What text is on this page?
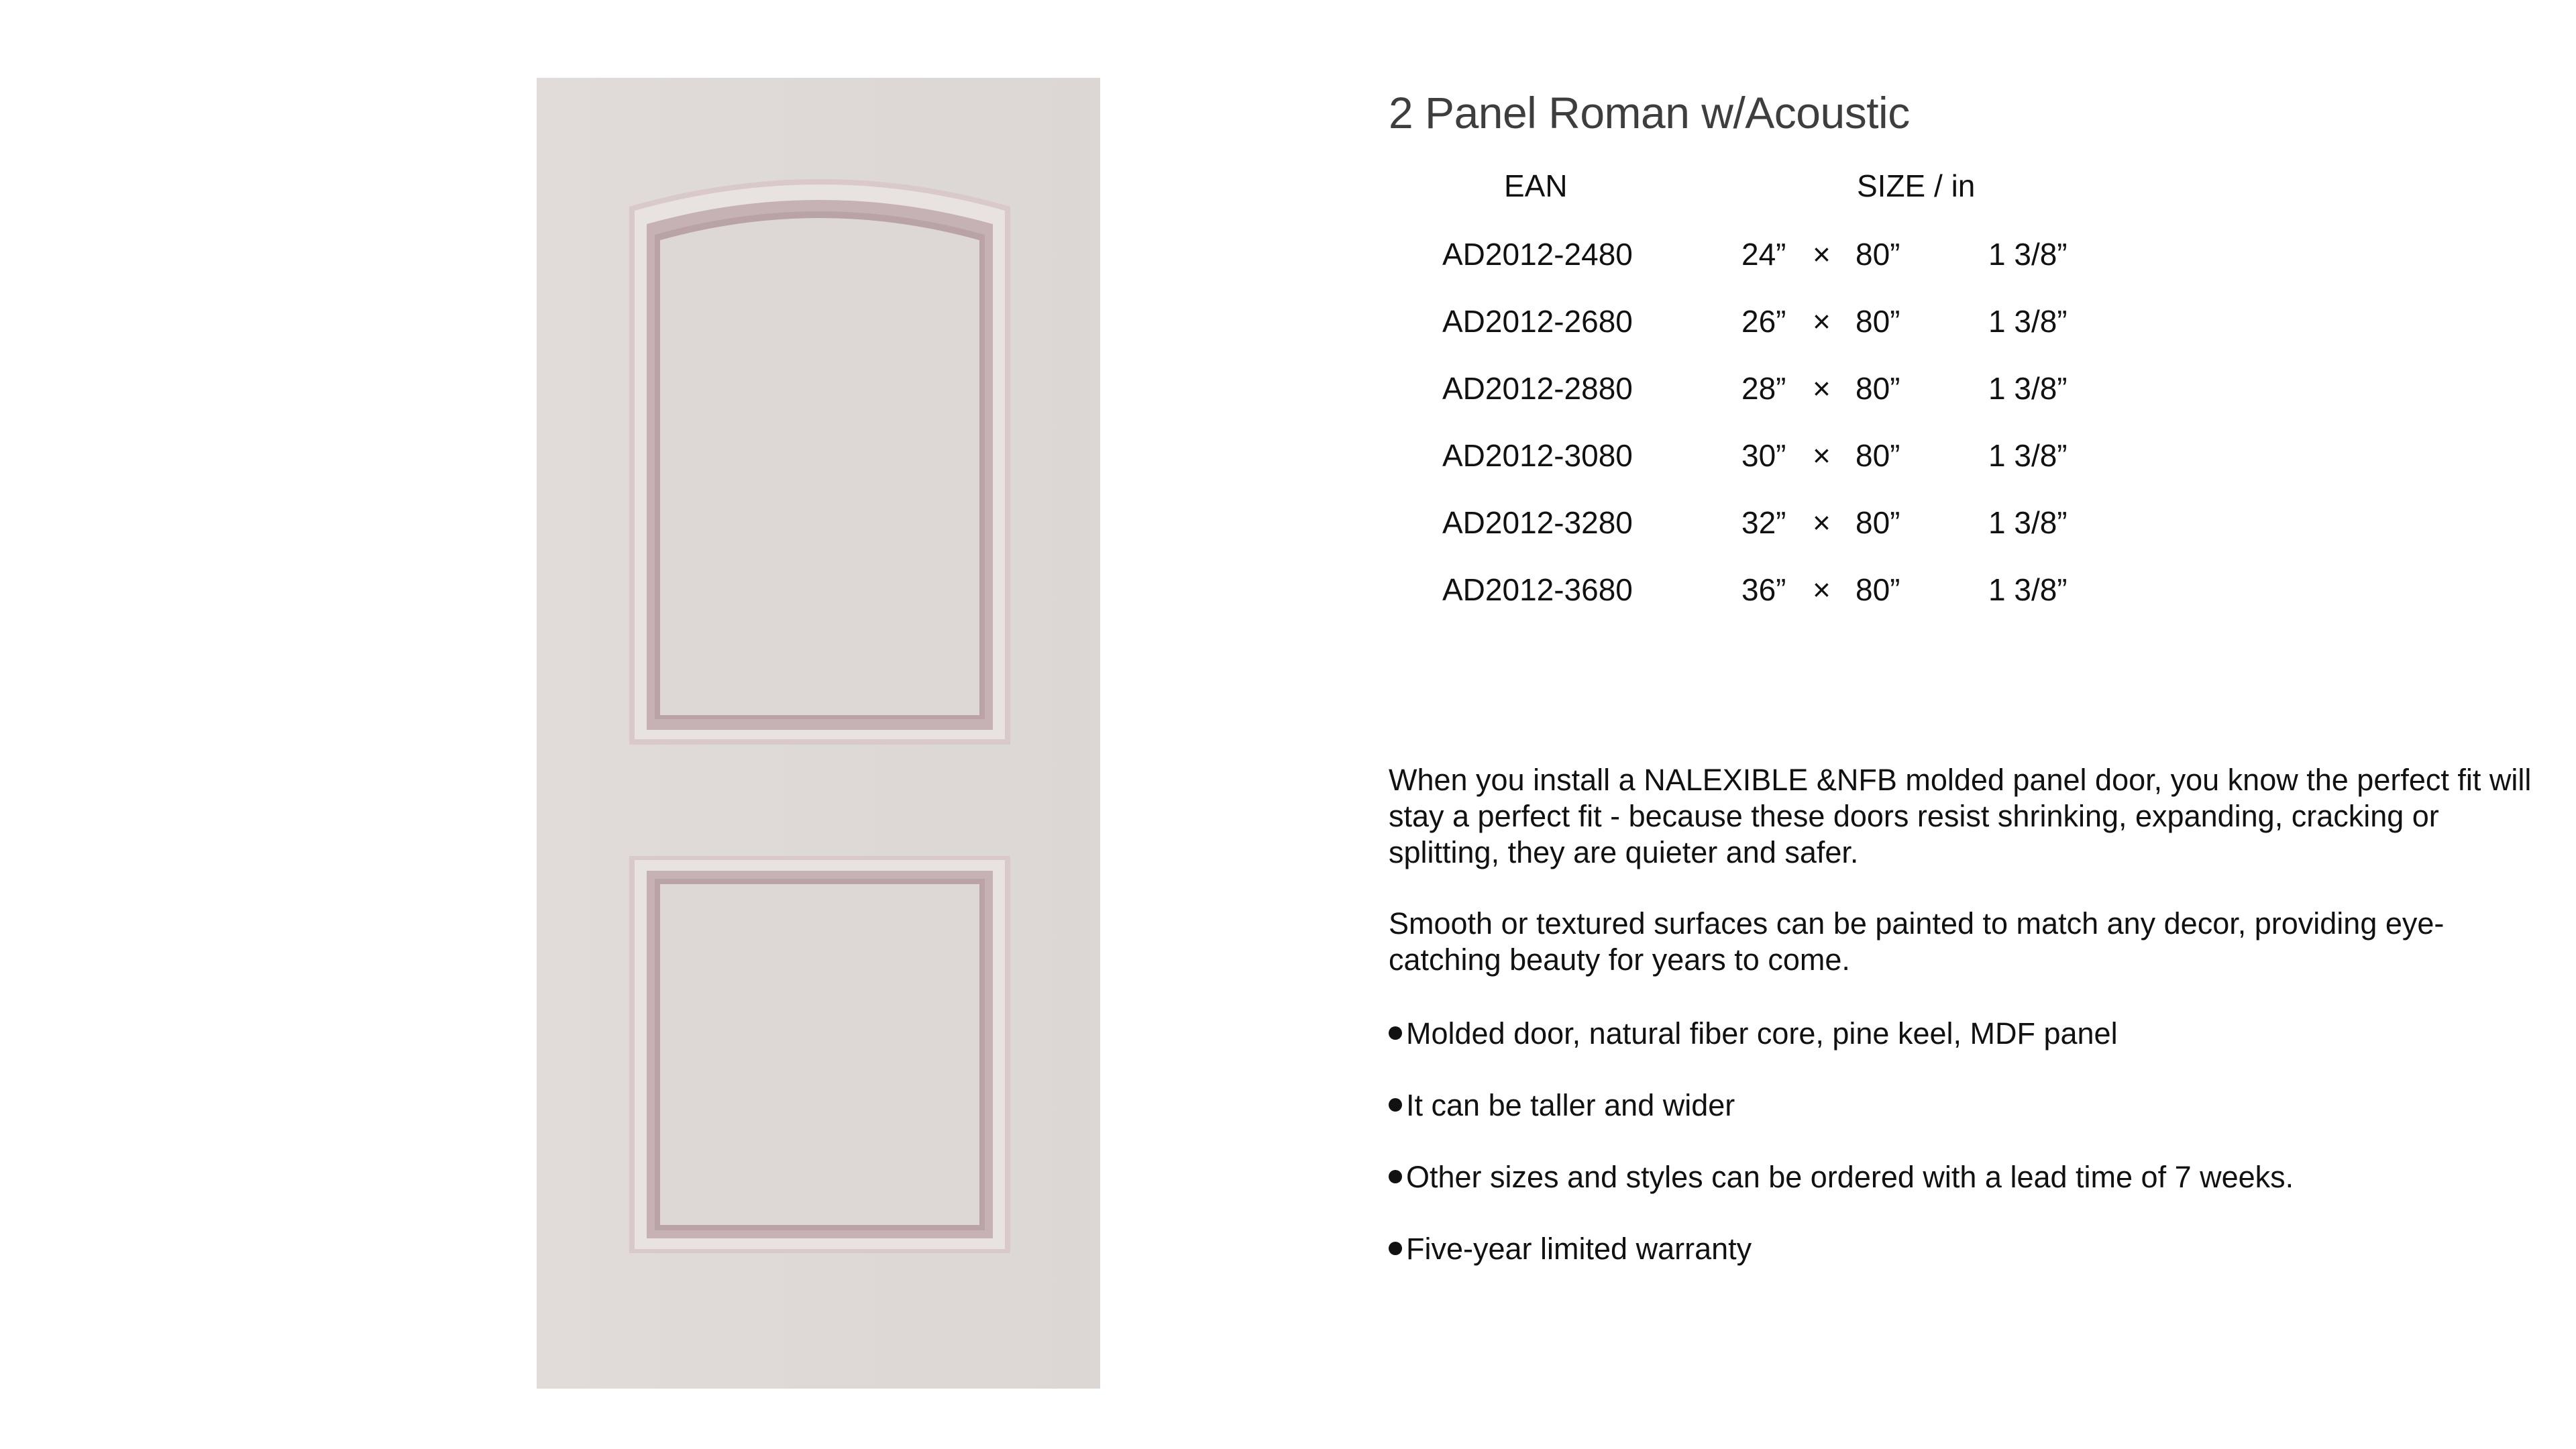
2 Panel Roman w/Acoustic
EAN	SIZE / in
AD2012-2480	24” × 80”	1 3/8”
AD2012-2680	26” × 80”	1 3/8”
AD2012-2880	28” × 80”	1 3/8”
AD2012-3080	30” × 80”	1 3/8”
AD2012-3280	32” × 80”	1 3/8”
AD2012-3680	36” × 80”	1 3/8”

When you install a NALEXIBLE &NFB molded panel door, you know the perfect fit will stay a perfect fit - because these doors resist shrinking, expanding, cracking or splitting, they are quieter and safer.

Smooth or textured surfaces can be painted to match any decor, providing eye-catching beauty for years to come.

Molded door, natural fiber core, pine keel, MDF panel
It can be taller and wider
Other sizes and styles can be ordered with a lead time of 7 weeks.
Five-year limited warranty
